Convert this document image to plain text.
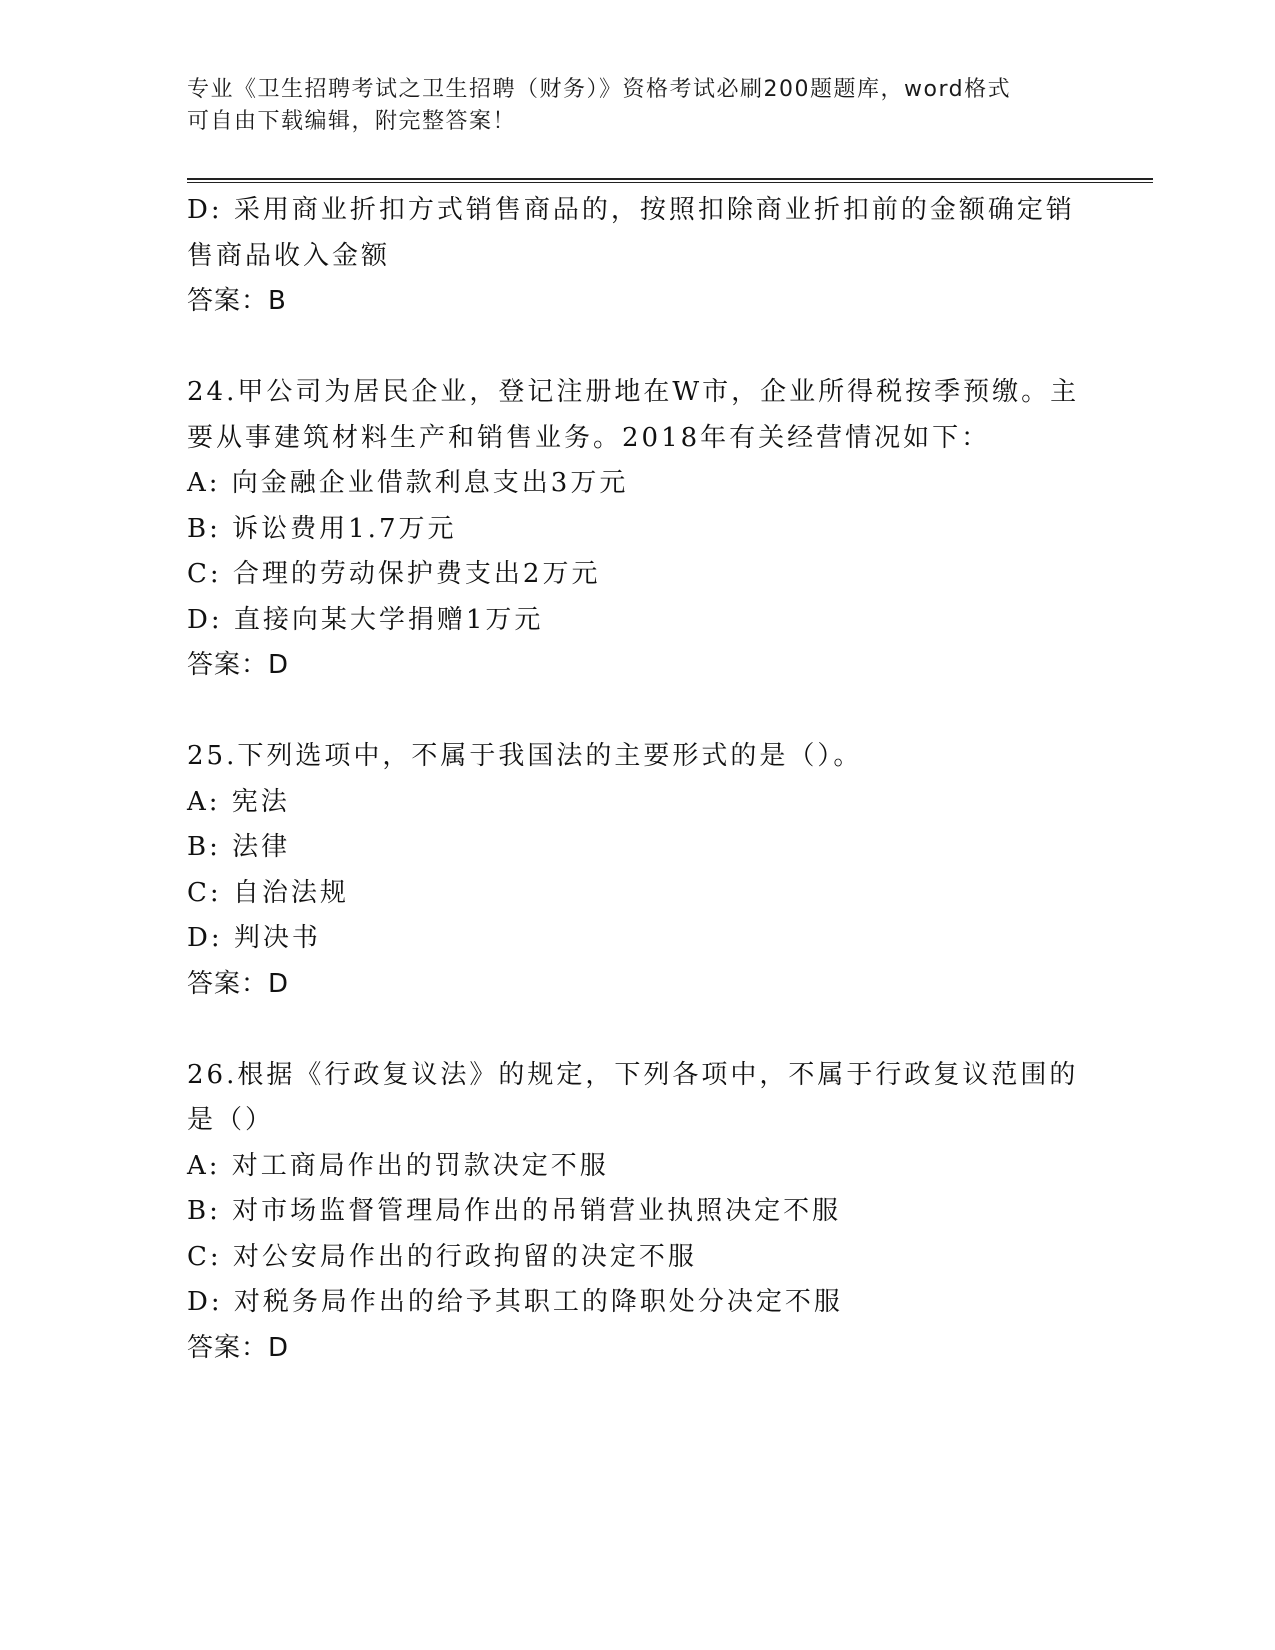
专业《卫生招聘考试之卫生招聘（财务）》资格考试必刷200题题库，word格式
可自由下载编辑，附完整答案！
D: 采用商业折扣方式销售商品的，按照扣除商业折扣前的金额确定销
售商品收入金额
答案：B
24.甲公司为居民企业，登记注册地在W市，企业所得税按季预缴。主
要从事建筑材料生产和销售业务。2018年有关经营情况如下：
A: 向金融企业借款利息支出3万元
B: 诉讼费用1.7万元
C: 合理的劳动保护费支出2万元
D: 直接向某大学捐赠1万元
答案：D
25.下列选项中，不属于我国法的主要形式的是（）。
A: 宪法
B: 法律
C: 自治法规
D: 判决书
答案：D
26.根据《行政复议法》的规定，下列各项中，不属于行政复议范围的
是（）
A: 对工商局作出的罚款决定不服
B: 对市场监督管理局作出的吊销营业执照决定不服
C: 对公安局作出的行政拘留的决定不服
D: 对税务局作出的给予其职工的降职处分决定不服
答案：D
